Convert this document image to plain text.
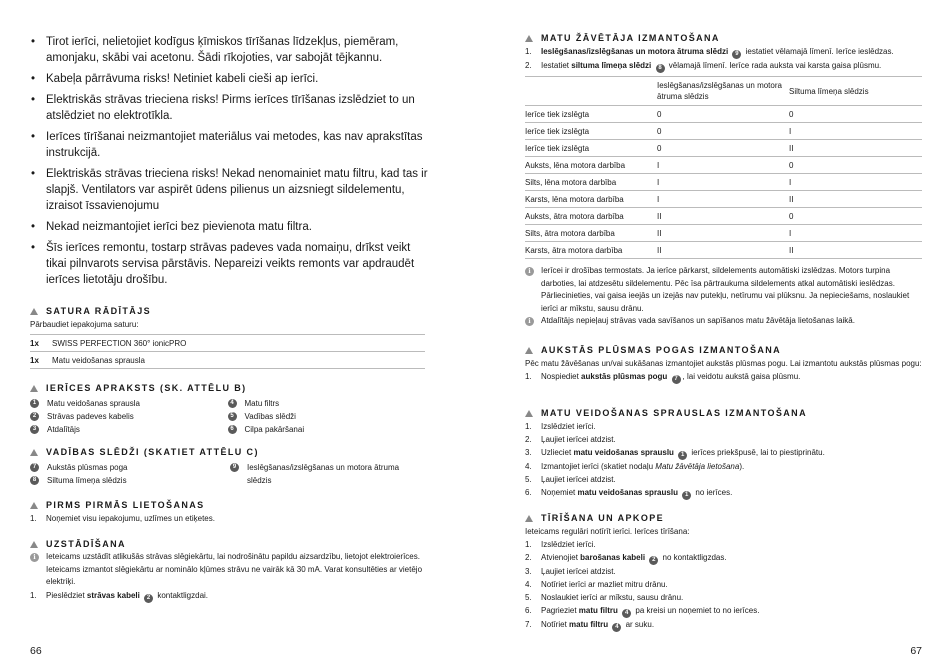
• Tirot ierīci, nelietojiet kodīgus ķīmiskos tīrīšanas līdzekļus, piemēram, amonjaku, skābi vai acetonu. Šādi rīkojoties, var sabojāt tējkannu.
• Kabeļa pārrāvuma risks! Netiniet kabeli cieši ap ierīci.
• Elektriskās strāvas trieciena risks! Pirms ierīces tīrīšanas izslēdziet to un atslēdziet no elektrotīkla.
• Ierīces tīrīšanai neizmantojiet materiālus vai metodes, kas nav aprakstītas instrukcijā.
• Elektriskās strāvas trieciena risks! Nekad nenomainiet matu filtru, kad tas ir slapjš. Ventilators var aspirēt ūdens pilienus un aizsniegt sildelementu, izraisot īssavienojumu
• Nekad neizmantojiet ierīci bez pievienota matu filtra.
• Šīs ierīces remontu, tostarp strāvas padeves vada nomaiņu, drīkst veikt tikai pilnvarots servisa pārstāvis. Nepareizi veikts remonts var apdraudēt ierīces lietotāju drošību.
SATURA RĀDĪTĀJS
Pārbaudiet iepakojuma saturu:
1x	SWISS PERFECTION 360° ionicPRO
1x	Matu veidošanas sprausla
IERĪCES APRAKSTS (SK. ATTĒLU B)
1	Matu veidošanas sprausla
2	Strāvas padeves kabelis
3	Atdalītājs
4	Matu filtrs
5	Vadības slēdži
6	Cilpa pakāršanai
VADĪBAS SLĒDŽI (SKATIET ATTĒLU C)
7	Aukstās plūsmas poga
8	Siltuma līmeņa slēdzis
9	Ieslēgšanas/izslēgšanas un motora ātruma slēdzis
PIRMS PIRMĀS LIETOŠANAS
1.	Noņemiet visu iepakojumu, uzlīmes un etiķetes.
UZSTĀDĪŠANA
i	Ieteicams uzstādīt atlikušās strāvas slēgiekārtu, lai nodrošinātu papildu aizsardzību, lietojot elektroierīces. Ieteicams izmantot slēgiekārtu ar nominālo kļūmes strāvu ne vairāk kā 30 mA. Varat konsultēties ar vietējo elektriķi.
1.	Pieslēdziet strāvas kabeli 2 kontaktligzdai.
66
MATU ŽĀVĒTĀJA IZMANTOŠANA
1.	Ieslēgšanas/izslēgšanas un motora ātruma slēdzi 9 iestatiet vēlamajā līmenī. Ierīce ieslēdzas.
2.	Iestatiet siltuma līmeņa slēdzi 8 vēlamajā līmenī. Ierīce rada auksta vai karsta gaisa plūsmu.
	Ieslēgšanas/izslēgšanas un motora ātruma slēdzis	Siltuma līmeņa slēdzis
Ierīce tiek izslēgta	0	0
Ierīce tiek izslēgta	0	I
Ierīce tiek izslēgta	0	II
Auksts, lēna motora darbība	I	0
Silts, lēna motora darbība	I	I
Karsts, lēna motora darbība	I	II
Auksts, ātra motora darbība	II	0
Silts, ātra motora darbība	II	I
Karsts, ātra motora darbība	II	II
i	Ierīcei ir drošības termostats. Ja ierīce pārkarst, sildelements automātiski izslēdzas. Motors turpina darboties, lai atdzesētu sildelementu. Pēc īsa pārtraukuma sildelements atkal automātiski ieslēdzas. Pārliecinieties, vai gaisa ieejās un izejās nav putekļu, netīrumu vai plūksnu. Ja nepieciešams, noslaukiet ierīci ar mīkstu, sausu drānu.
i	Atdalītājs nepieļauj strāvas vada savīšanos un sapīšanos matu žāvētāja lietošanas laikā.
AUKSTĀS PLŪSMAS POGAS IZMANTOŠANA
Pēc matu žāvēšanas un/vai sukāšanas izmantojiet aukstās plūsmas pogu. Lai izmantotu aukstās plūsmas pogu:
1.	Nospiediet aukstās plūsmas pogu 7 , lai veidotu aukstā gaisa plūsmu.
MATU VEIDOŠANAS SPRAUSLAS IZMANTOŠANA
1.	Izslēdziet ierīci.
2.	Ļaujiet ierīcei atdzist.
3.	Uzlieciet matu veidošanas sprauslu 1 ierīces priekšpusē, lai to piestiprinātu.
4.	Izmantojiet ierīci (skatiet nodaļu Matu žāvētāja lietošana).
5.	Ļaujiet ierīcei atdzist.
6.	Noņemiet matu veidošanas sprauslu 1 no ierīces.
TĪRĪŠANA UN APKOPE
Ieteicams regulāri notīrīt ierīci. Ierīces tīrīšana:
1.	Izslēdziet ierīci.
2.	Atvienojiet barošanas kabeli 2 no kontaktligzdas.
3.	Ļaujiet ierīcei atdzist.
4.	Notīriet ierīci ar mazliet mitru drānu.
5.	Noslaukiet ierīci ar mīkstu, sausu drānu.
6.	Pagrieziet matu filtru 4 pa kreisi un noņemiet to no ierīces.
7.	Notīriet matu filtru 4 ar suku.
67
